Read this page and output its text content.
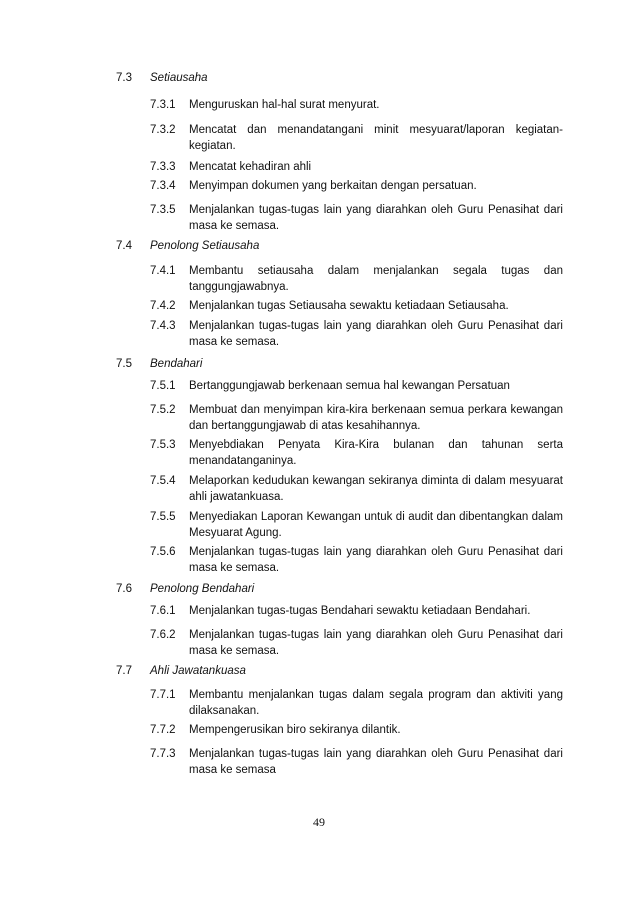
7.3 Setiausaha
7.3.1 Menguruskan hal-hal surat menyurat.
7.3.2 Mencatat dan menandatangani minit mesyuarat/laporan kegiatan-kegiatan.
7.3.3 Mencatat kehadiran ahli
7.3.4 Menyimpan dokumen yang berkaitan dengan persatuan.
7.3.5 Menjalankan tugas-tugas lain yang diarahkan oleh Guru Penasihat dari masa ke semasa.
7.4 Penolong Setiausaha
7.4.1 Membantu setiausaha dalam menjalankan segala tugas dan tanggungjawabnya.
7.4.2 Menjalankan tugas Setiausaha sewaktu ketiadaan Setiausaha.
7.4.3 Menjalankan tugas-tugas lain yang diarahkan oleh Guru Penasihat dari masa ke semasa.
7.5 Bendahari
7.5.1 Bertanggungjawab berkenaan semua hal kewangan Persatuan
7.5.2 Membuat dan menyimpan kira-kira berkenaan semua perkara kewangan dan bertanggungjawab di atas kesahihannya.
7.5.3 Menyebdiakan Penyata Kira-Kira bulanan dan tahunan serta menandatanganinya.
7.5.4 Melaporkan kedudukan kewangan sekiranya diminta di dalam mesyuarat ahli jawatankuasa.
7.5.5 Menyediakan Laporan Kewangan untuk di audit dan dibentangkan dalam Mesyuarat Agung.
7.5.6 Menjalankan tugas-tugas lain yang diarahkan oleh Guru Penasihat dari masa ke semasa.
7.6 Penolong Bendahari
7.6.1 Menjalankan tugas-tugas Bendahari sewaktu ketiadaan Bendahari.
7.6.2 Menjalankan tugas-tugas lain yang diarahkan oleh Guru Penasihat dari masa ke semasa.
7.7 Ahli Jawatankuasa
7.7.1 Membantu menjalankan tugas dalam segala program dan aktiviti yang dilaksanakan.
7.7.2 Mempengerusikan biro sekiranya dilantik.
7.7.3 Menjalankan tugas-tugas lain yang diarahkan oleh Guru Penasihat dari masa ke semasa
49
